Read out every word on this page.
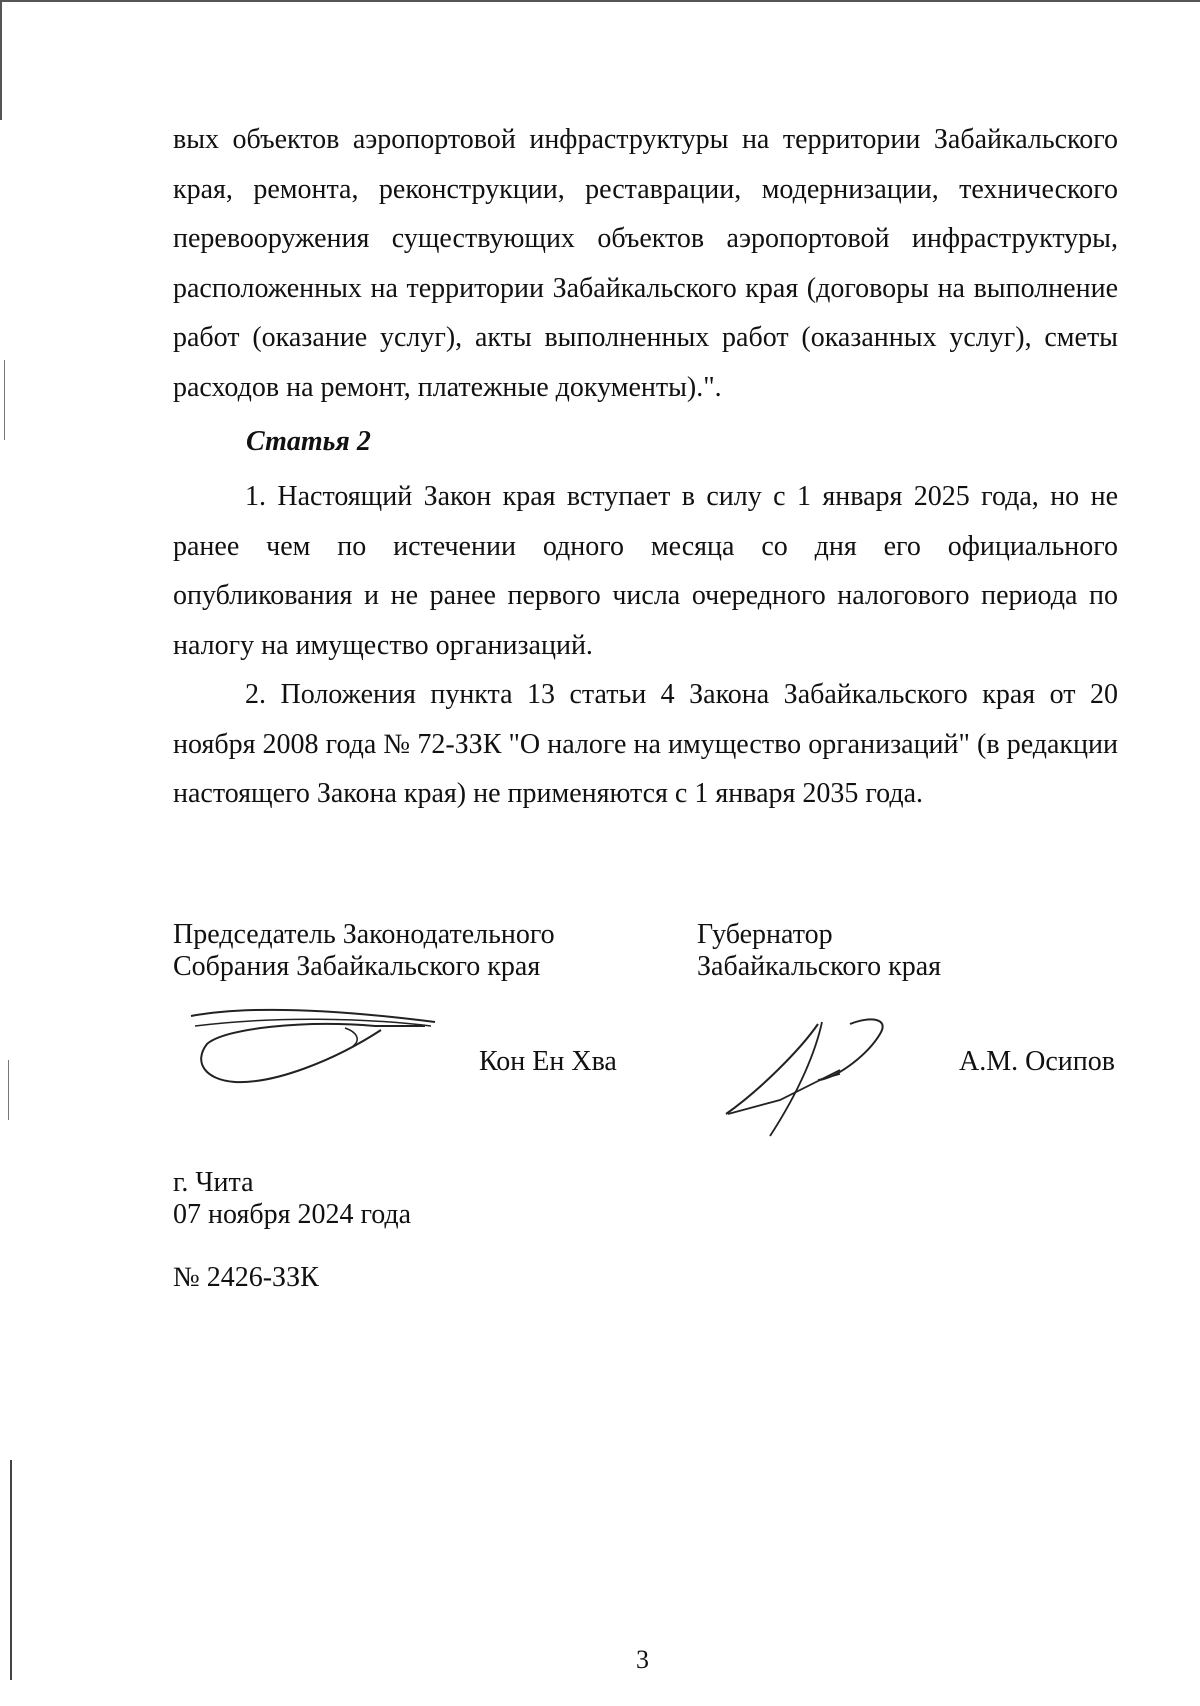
вых объектов аэропортовой инфраструктуры на территории Забайкальского края, ремонта, реконструкции, реставрации, модернизации, технического перевооружения существующих объектов аэропортовой инфраструктуры, расположенных на территории Забайкальского края (договоры на выполнение работ (оказание услуг), акты выполненных работ (оказанных услуг), сметы расходов на ремонт, платежные документы).".

Статья 2

1. Настоящий Закон края вступает в силу с 1 января 2025 года, но не ранее чем по истечении одного месяца со дня его официального опубликования и не ранее первого числа очередного налогового периода по налогу на имущество организаций.

2. Положения пункта 13 статьи 4 Закона Забайкальского края от 20 ноября 2008 года № 72-ЗЗК "О налоге на имущество организаций" (в редакции настоящего Закона края) не применяются с 1 января 2035 года.

Председатель Законодательного

Собрания Забайкальского края

Кон Ен Хва

Губернатор

Забайкальского края

А.М. Осипов

г. Чита

07 ноября 2024 года

№ 2426-ЗЗК

3
